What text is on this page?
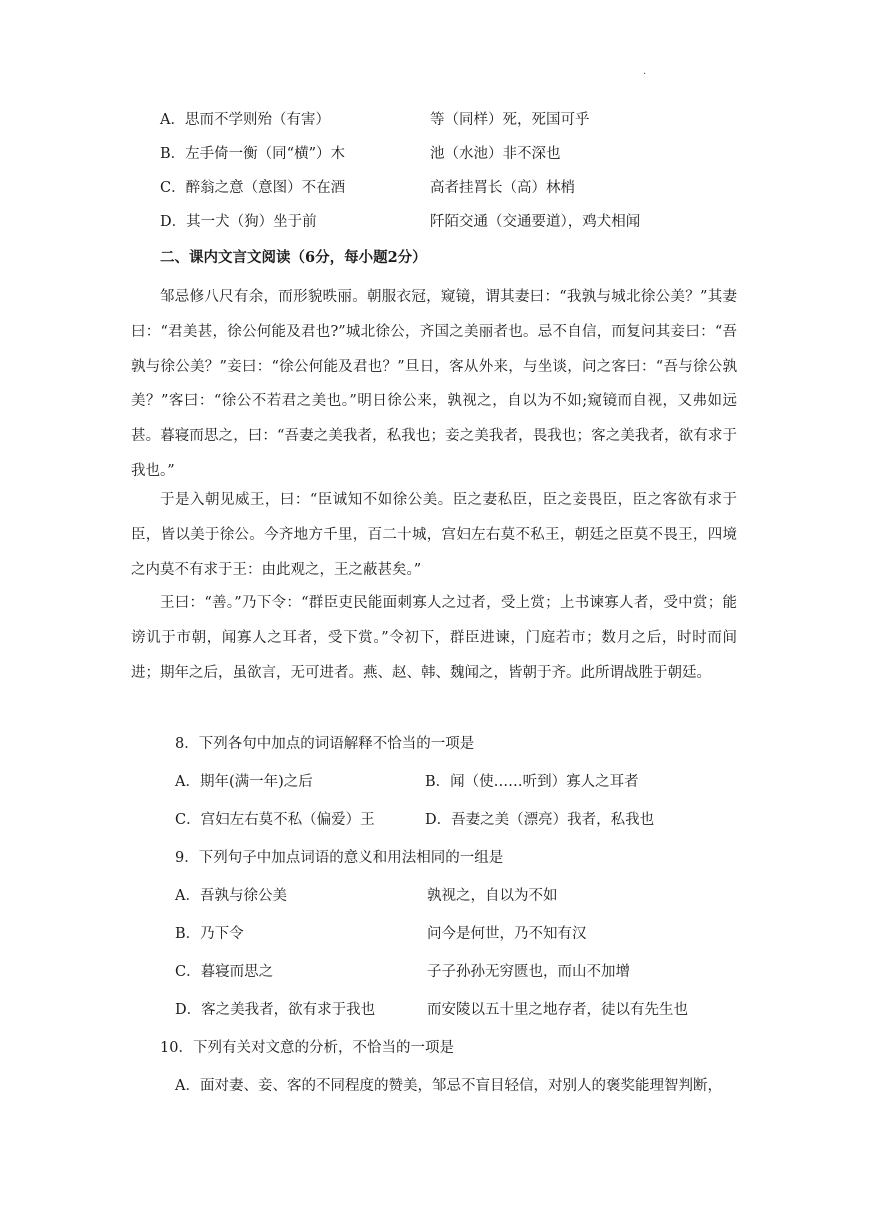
.
A．思而不学则殆（有害）	等（同样）死，死国可乎
B．左手倚一衡（同“横”）木	池（水池）非不深也
C．醉翁之意（意图）不在酒	高者挂罥长（高）林梢
D．其一犬（狗）坐于前	阡陌交通（交通要道），鸡犬相闻
二、课内文言文阅读（6分，每小题2分）

邹忌修八尺有余，而形貌昳丽。朝服衣冠，窥镜，谓其妻曰：“我孰与城北徐公美？”其妻曰：“君美甚，徐公何能及君也?”城北徐公，齐国之美丽者也。忌不自信，而复问其妾曰：“吾孰与徐公美？”妾曰：“徐公何能及君也？”旦日，客从外来，与坐谈，问之客曰：“吾与徐公孰美？”客曰：“徐公不若君之美也。”明日徐公来，孰视之，自以为不如;窥镜而自视，又弗如远甚。暮寝而思之，曰：“吾妻之美我者，私我也；妾之美我者，畏我也；客之美我者，欲有求于我也。”

于是入朝见威王，曰：“臣诚知不如徐公美。臣之妻私臣，臣之妾畏臣，臣之客欲有求于臣，皆以美于徐公。今齐地方千里，百二十城，宫妇左右莫不私王，朝廷之臣莫不畏王，四境之内莫不有求于王：由此观之，王之蔽甚矣。”

王曰：“善。”乃下令：“群臣吏民能面刺寡人之过者，受上赏；上书谏寡人者，受中赏；能谤讥于市朝，闻寡人之耳者，受下赏。”令初下，群臣进谏，门庭若市；数月之后，时时而间进；期年之后，虽欲言，无可进者。燕、赵、韩、魏闻之，皆朝于齐。此所谓战胜于朝廷。

8．下列各句中加点的词语解释不恰当的一项是
A．期年(满一年)之后	B．闻（使……听到）寡人之耳者
C．宫妇左右莫不私（偏爱）王	D．吾妻之美（漂亮）我者，私我也
9．下列句子中加点词语的意义和用法相同的一组是
A．吾孰与徐公美	孰视之，自以为不如
B．乃下令	问今是何世，乃不知有汉
C．暮寝而思之	子子孙孙无穷匮也，而山不加增
D．客之美我者，欲有求于我也	而安陵以五十里之地存者，徒以有先生也
10．下列有关对文意的分析，不恰当的一项是
A．面对妻、妾、客的不同程度的赞美，邹忌不盲目轻信，对别人的褒奖能理智判断，
